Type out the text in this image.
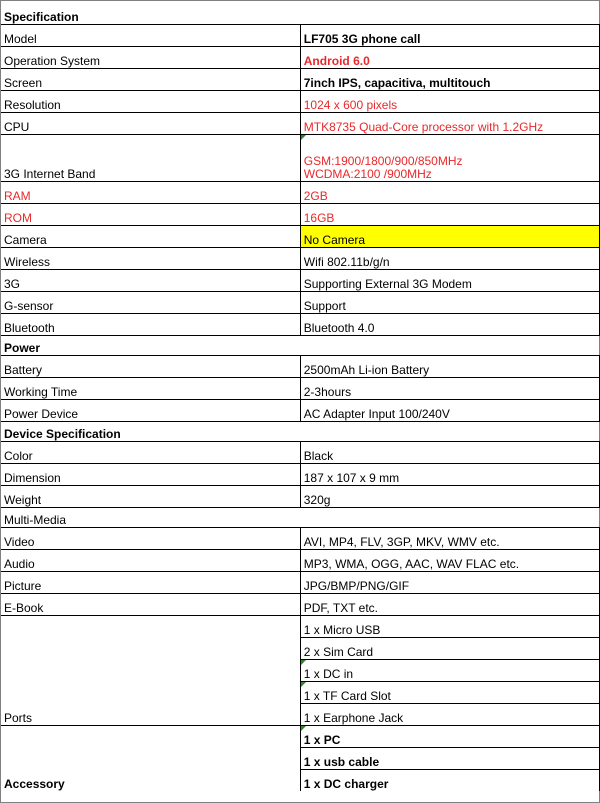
Specification	
Model	LF705 3G phone call
Operation System	Android 6.0
Screen	7inch IPS, capacitiva, multitouch
Resolution	1024 x 600 pixels
CPU	MTK8735 Quad-Core processor with 1.2GHz
3G Internet Band	GSM:1900/1800/900/850MHz
WCDMA:2100 /900MHz

RAM	2GB
ROM	16GB
Camera	No Camera
Wireless	Wifi 802.11b/g/n
3G	Supporting External 3G Modem
G-sensor	Support
Bluetooth	Bluetooth 4.0
Power	
Battery	2500mAh Li-ion Battery
Working Time	2-3hours
Power Device	AC Adapter Input 100/240V
Device Specification	
Color	Black
Dimension	187 x 107 x 9 mm
Weight	320g
Multi-Media	
Video	AVI, MP4, FLV, 3GP, MKV, WMV etc.
Audio	MP3, WMA, OGG, AAC, WAV FLAC etc.
Picture	JPG/BMP/PNG/GIF
E-Book	PDF, TXT etc.
Ports	1 x Micro USB
	2 x Sim Card
	1 x DC in
	1 x TF Card Slot
	1 x Earphone Jack
Accessory	1 x PC
	1 x usb cable
	1 x DC charger
